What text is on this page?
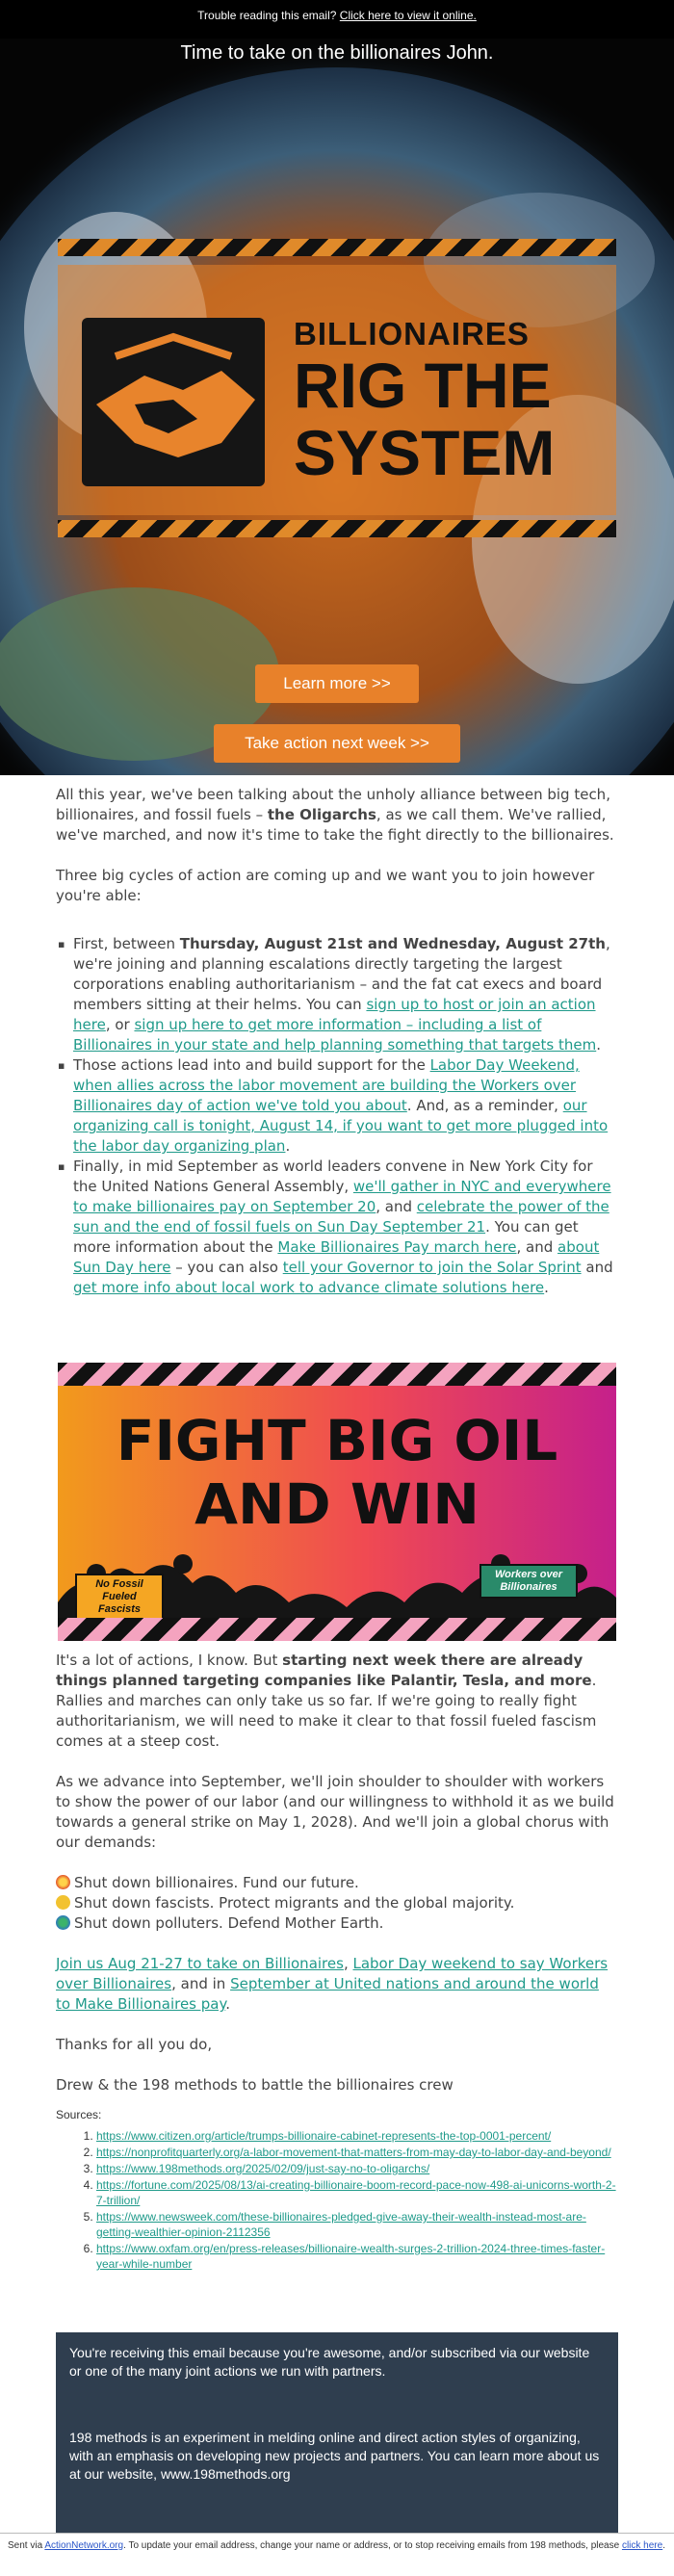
Trouble reading this email? Click here to view it online.
Time to take on the billionaires John.
BILLIONAIRES
RIG THE
SYSTEM
Learn more >>
Take action next week >>

All this year, we've been talking about the unholy alliance between big tech, billionaires, and fossil fuels – the Oligarchs, as we call them. We've rallied, we've marched, and now it's time to take the fight directly to the billionaires.

Three big cycles of action are coming up and we want you to join however you're able:

▪ First, between Thursday, August 21st and Wednesday, August 27th, we're joining and planning escalations directly targeting the largest corporations enabling authoritarianism – and the fat cat execs and board members sitting at their helms. You can sign up to host or join an action here, or sign up here to get more information – including a list of Billionaires in your state and help planning something that targets them.
▪ Those actions lead into and build support for the Labor Day Weekend, when allies across the labor movement are building the Workers over Billionaires day of action we've told you about. And, as a reminder, our organizing call is tonight, August 14, if you want to get more plugged into the labor day organizing plan.
▪ Finally, in mid September as world leaders convene in New York City for the United Nations General Assembly, we'll gather in NYC and everywhere to make billionaires pay on September 20, and celebrate the power of the sun and the end of fossil fuels on Sun Day September 21. You can get more information about the Make Billionaires Pay march here, and about Sun Day here – you can also tell your Governor to join the Solar Sprint and get more info about local work to advance climate solutions here.
FIGHT BIG OIL
AND WIN
No Fossil Fueled Fascists
Workers over Billionaires

It's a lot of actions, I know. But starting next week there are already things planned targeting companies like Palantir, Tesla, and more. Rallies and marches can only take us so far. If we're going to really fight authoritarianism, we will need to make it clear to that fossil fueled fascism comes at a steep cost.

As we advance into September, we'll join shoulder to shoulder with workers to show the power of our labor (and our willingness to withhold it as we build towards a general strike on May 1, 2028). And we'll join a global chorus with our demands:

Shut down billionaires. Fund our future.

Shut down fascists. Protect migrants and the global majority.

Shut down polluters. Defend Mother Earth.

Join us Aug 21-27 to take on Billionaires, Labor Day weekend to say Workers over Billionaires, and in September at United nations and around the world to Make Billionaires pay.

Thanks for all you do,

Drew & the 198 methods to battle the billionaires crew

Sources:
1. https://www.citizen.org/article/trumps-billionaire-cabinet-represents-the-top-0001-percent/
2. https://nonprofitquarterly.org/a-labor-movement-that-matters-from-may-day-to-labor-day-and-beyond/
3. https://www.198methods.org/2025/02/09/just-say-no-to-oligarchs/
4. https://fortune.com/2025/08/13/ai-creating-billionaire-boom-record-pace-now-498-ai-unicorns-worth-2-7-trillion/
5. https://www.newsweek.com/these-billionaires-pledged-give-away-their-wealth-instead-most-are-getting-wealthier-opinion-2112356
6. https://www.oxfam.org/en/press-releases/billionaire-wealth-surges-2-trillion-2024-three-times-faster-year-while-number

You're receiving this email because you're awesome, and/or subscribed via our website or one of the many joint actions we run with partners.

198 methods is an experiment in melding online and direct action styles of organizing, with an emphasis on developing new projects and partners. You can learn more about us at our website, www.198methods.org

Sent via ActionNetwork.org. To update your email address, change your name or address, or to stop receiving emails from 198 methods, please click here.
